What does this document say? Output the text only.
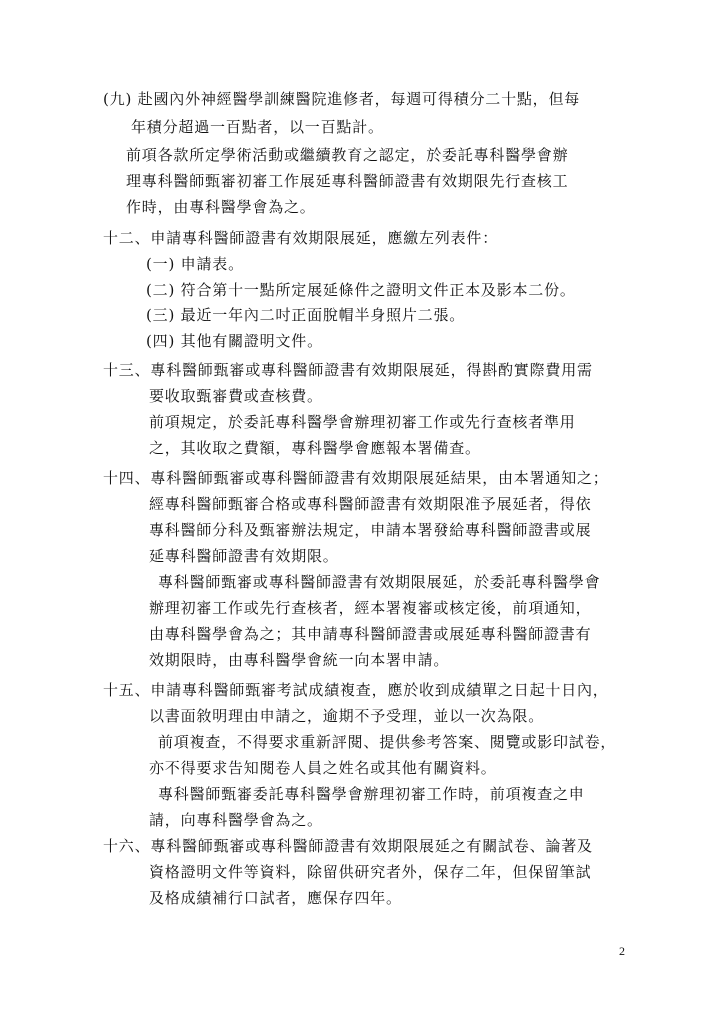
(九) 赴國內外神經醫學訓練醫院進修者，每週可得積分二十點，但每
年積分超過一百點者，以一百點計。
前項各款所定學術活動或繼續教育之認定，於委託專科醫學會辦
理專科醫師甄審初審工作展延專科醫師證書有效期限先行查核工
作時，由專科醫學會為之。
十二、申請專科醫師證書有效期限展延，應繳左列表件：
(一) 申請表。
(二) 符合第十一點所定展延條件之證明文件正本及影本二份。
(三) 最近一年內二吋正面脫帽半身照片二張。
(四) 其他有關證明文件。
十三、專科醫師甄審或專科醫師證書有效期限展延，得斟酌實際費用需
要收取甄審費或查核費。
前項規定，於委託專科醫學會辦理初審工作或先行查核者準用
之，其收取之費額，專科醫學會應報本署備查。
十四、專科醫師甄審或專科醫師證書有效期限展延結果，由本署通知之；
經專科醫師甄審合格或專科醫師證書有效期限准予展延者，得依
專科醫師分科及甄審辦法規定，申請本署發給專科醫師證書或展
延專科醫師證書有效期限。
專科醫師甄審或專科醫師證書有效期限展延，於委託專科醫學會
辦理初審工作或先行查核者，經本署複審或核定後，前項通知，
由專科醫學會為之；其申請專科醫師證書或展延專科醫師證書有
效期限時，由專科醫學會統一向本署申請。
十五、申請專科醫師甄審考試成績複查，應於收到成績單之日起十日內，
以書面敘明理由申請之，逾期不予受理，並以一次為限。
前項複查，不得要求重新評閱、提供參考答案、閱覽或影印試卷，
亦不得要求告知閱卷人員之姓名或其他有關資料。
專科醫師甄審委託專科醫學會辦理初審工作時，前項複查之申
請，向專科醫學會為之。
十六、專科醫師甄審或專科醫師證書有效期限展延之有關試卷、論著及
資格證明文件等資料，除留供研究者外，保存二年，但保留筆試
及格成績補行口試者，應保存四年。
2
